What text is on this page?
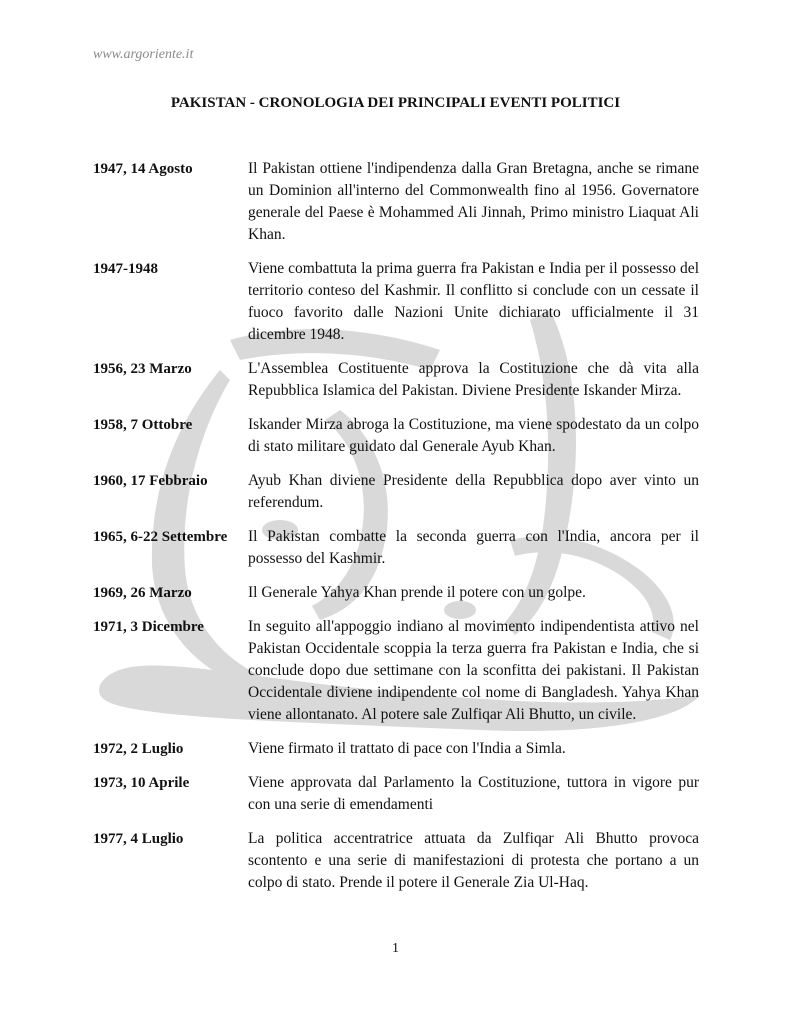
www.argoriente.it
PAKISTAN - CRONOLOGIA DEI PRINCIPALI EVENTI POLITICI
1947, 14 Agosto	Il Pakistan ottiene l'indipendenza dalla Gran Bretagna, anche se rimane un Dominion all'interno del Commonwealth fino al 1956. Governatore generale del Paese è Mohammed Ali Jinnah, Primo ministro Liaquat Ali Khan.
1947-1948	Viene combattuta la prima guerra fra Pakistan e India per il possesso del territorio conteso del Kashmir. Il conflitto si conclude con un cessate il fuoco favorito dalle Nazioni Unite dichiarato ufficialmente il 31 dicembre 1948.
1956, 23 Marzo	L'Assemblea Costituente approva la Costituzione che dà vita alla Repubblica Islamica del Pakistan. Diviene Presidente Iskander Mirza.
1958, 7 Ottobre	Iskander Mirza abroga la Costituzione, ma viene spodestato da un colpo di stato militare guidato dal Generale Ayub Khan.
1960, 17 Febbraio	Ayub Khan diviene Presidente della Repubblica dopo aver vinto un referendum.
1965, 6-22 Settembre	Il Pakistan combatte la seconda guerra con l'India, ancora per il possesso del Kashmir.
1969, 26 Marzo	Il Generale Yahya Khan prende il potere con un golpe.
1971, 3 Dicembre	In seguito all'appoggio indiano al movimento indipendentista attivo nel Pakistan Occidentale scoppia la terza guerra fra Pakistan e India, che si conclude dopo due settimane con la sconfitta dei pakistani. Il Pakistan Occidentale diviene indipendente col nome di Bangladesh. Yahya Khan viene allontanato. Al potere sale Zulfiqar Ali Bhutto, un civile.
1972, 2 Luglio	Viene firmato il trattato di pace con l'India a Simla.
1973, 10 Aprile	Viene approvata dal Parlamento la Costituzione, tuttora in vigore pur con una serie di emendamenti
1977, 4 Luglio	La politica accentratrice attuata da Zulfiqar Ali Bhutto provoca scontento e una serie di manifestazioni di protesta che portano a un colpo di stato. Prende il potere il Generale Zia Ul-Haq.
1
